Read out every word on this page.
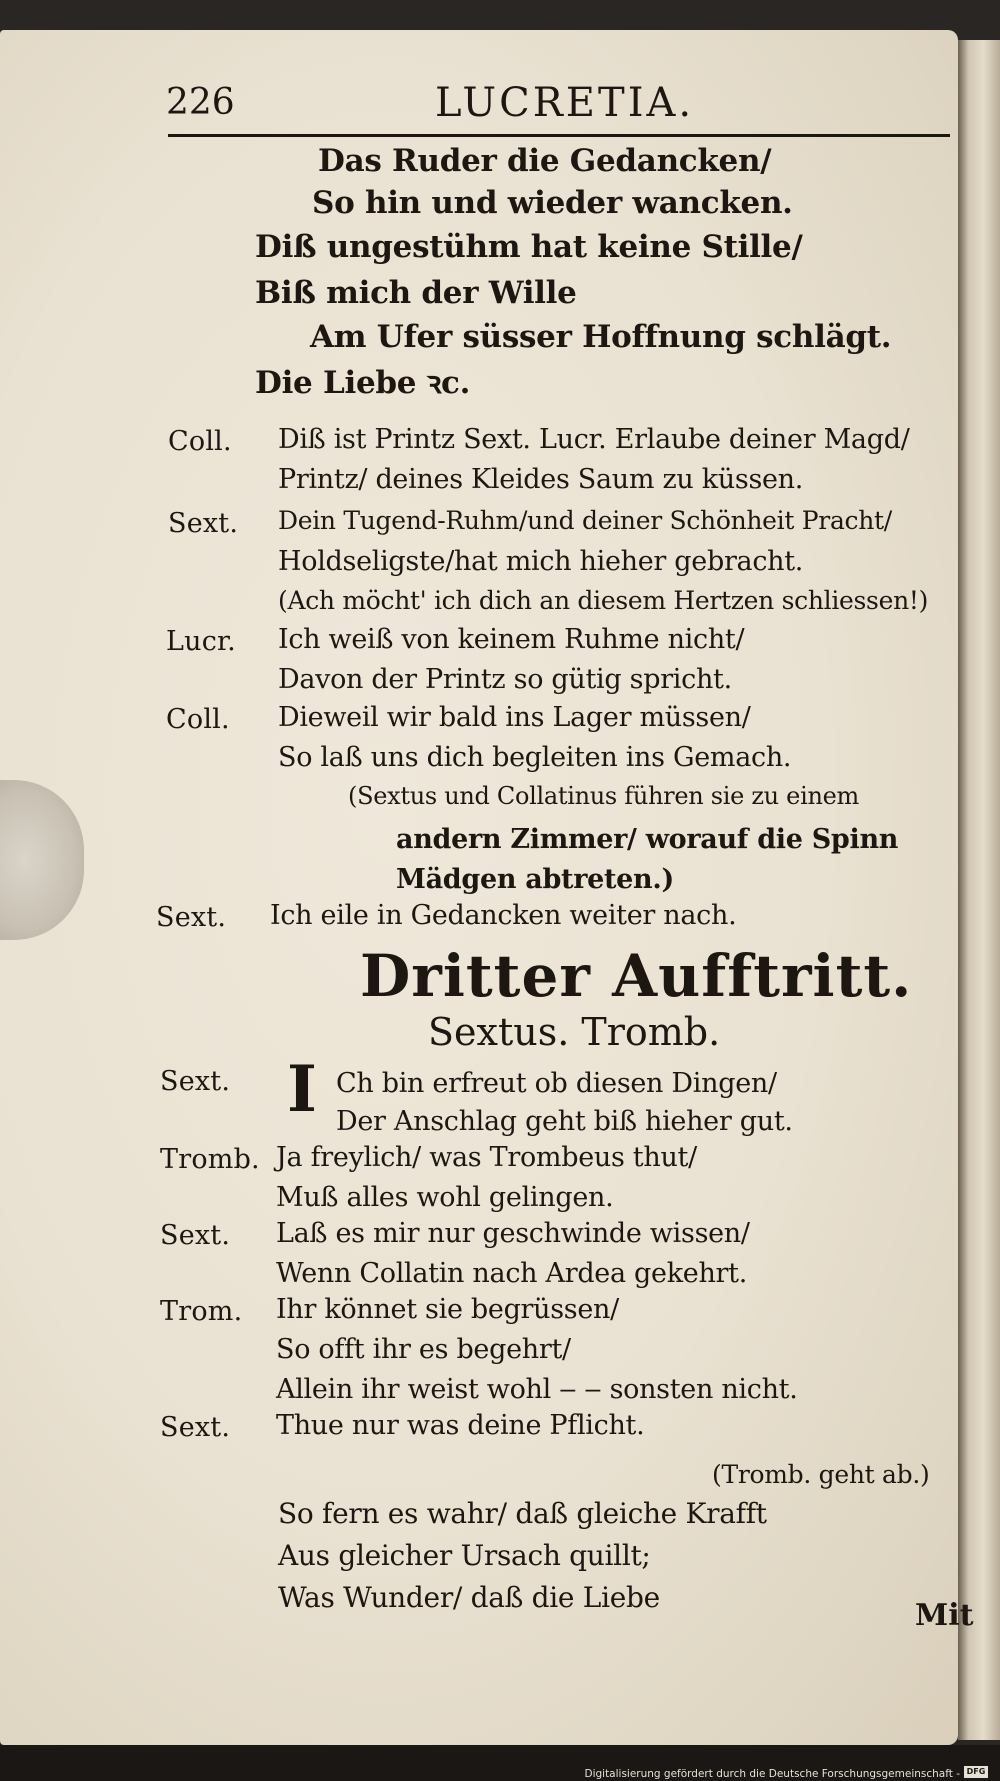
226	LUCRETIA.
Das Ruder die Gedancken/
So hin und wieder wancken.
Diß ungestühm hat keine Stille/
Biß mich der Wille
Am Ufer süsser Hoffnung schlägt.
Die Liebe ꝛc.
Coll. Diß ist Printz Sext. Lucr. Erlaube deiner Magd/
Printz/ deines Kleides Saum zu küssen.
Sext. Dein Tugend-Ruhm/und deiner Schönheit Pracht/
Holdseligste/hat mich hieher gebracht.
(Ach möcht' ich dich an diesem Hertzen schliessen!)
Lucr. Ich weiß von keinem Ruhme nicht/
Davon der Printz so gütig spricht.
Coll. Dieweil wir bald ins Lager müssen/
So laß uns dich begleiten ins Gemach.
(Sextus und Collatinus führen sie zu einem
andern Zimmer/ worauf die Spinn
Mädgen abtreten.)
Sext. Ich eile in Gedancken weiter nach.
Dritter Aufftritt.
Sextus. Tromb.
I
Sext.	Ch bin erfreut ob diesen Dingen/
Der Anschlag geht biß hieher gut.
Tromb. Ja freylich/ was Trombeus thut/
Muß alles wohl gelingen.
Sext. Laß es mir nur geschwinde wissen/
Wenn Collatin nach Ardea gekehrt.
Trom. Ihr könnet sie begrüssen/
So offt ihr es begehrt/
Allein ihr weist wohl ‒ ‒ sonsten nicht.
Sext. Thue nur was deine Pflicht.
(Tromb. geht ab.)
So fern es wahr/ daß gleiche Krafft
Aus gleicher Ursach quillt;
Was Wunder/ daß die Liebe
Mit
Digitalisierung gefördert durch die Deutsche Forschungsgemeinschaft - DFG
